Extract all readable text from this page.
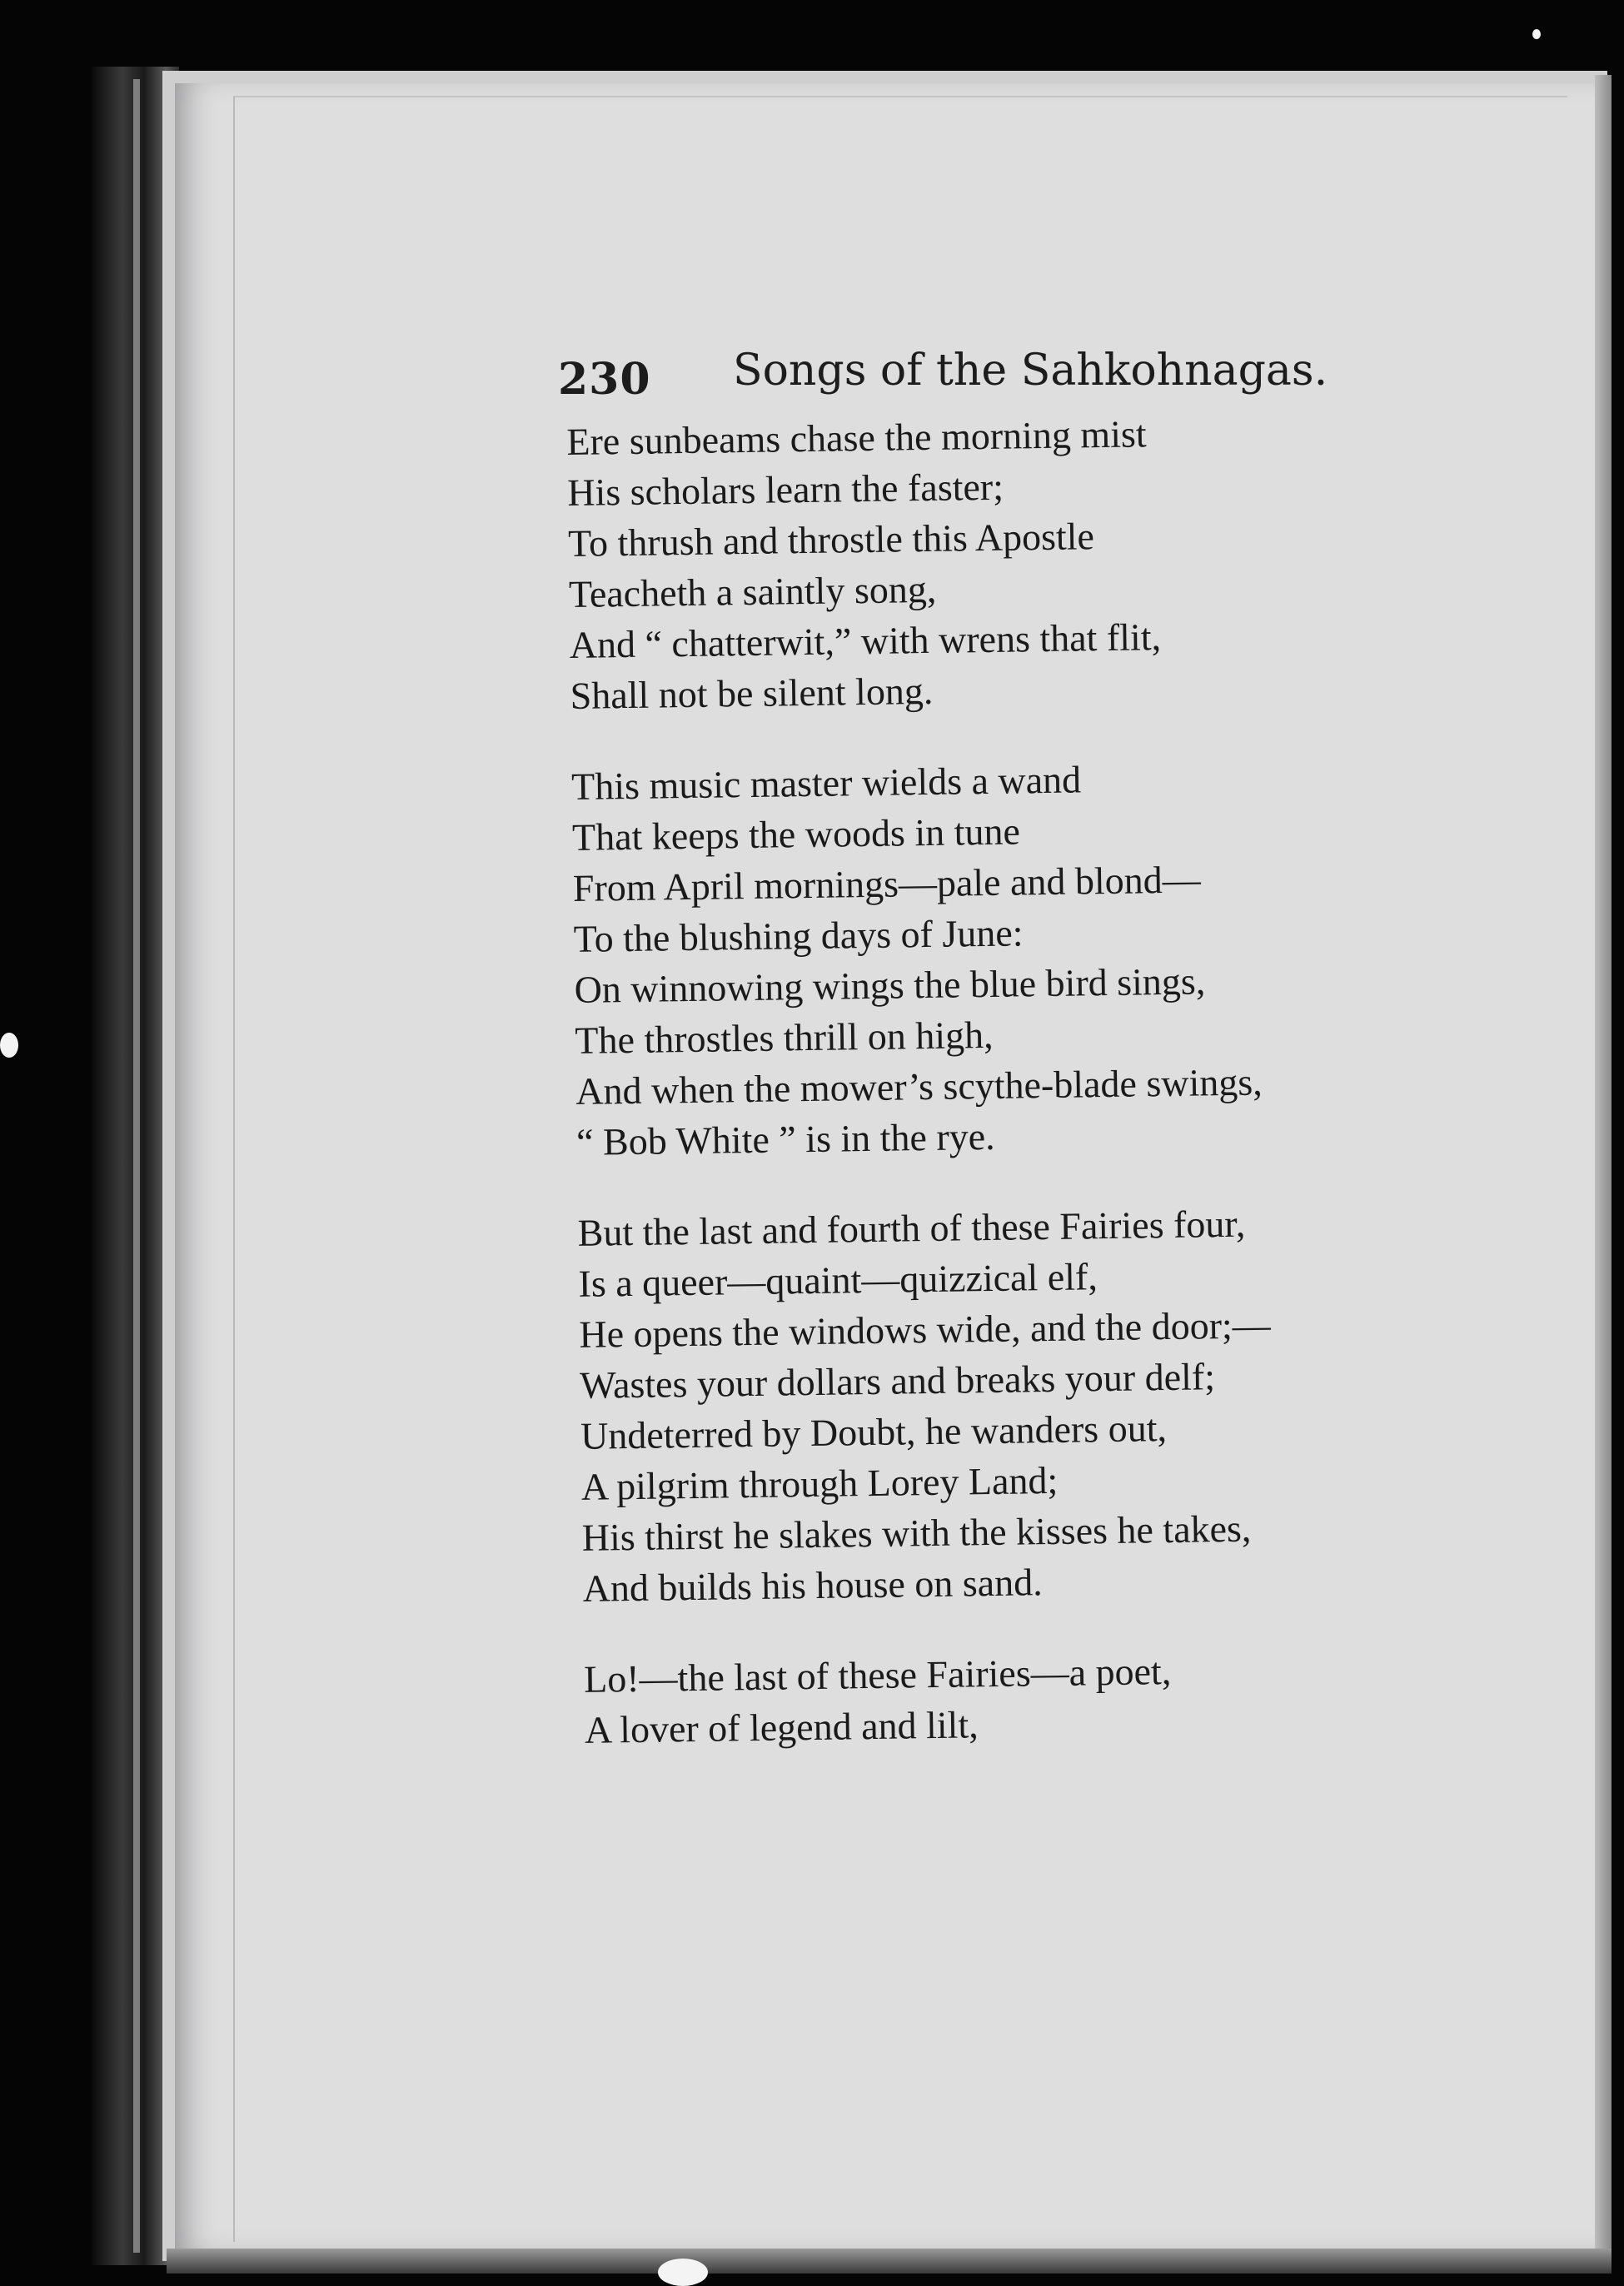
230 Songs of the Sahkohnagas.
Ere sunbeams chase the morning mist
His scholars learn the faster;
To thrush and throstle this Apostle
Teacheth a saintly song,
And “ chatterwit,” with wrens that flit,
Shall not be silent long.
This music master wields a wand
That keeps the woods in tune
From April mornings—pale and blond—
To the blushing days of June:
On winnowing wings the blue bird sings,
The throstles thrill on high,
And when the mower’s scythe-blade swings,
“ Bob White ” is in the rye.
But the last and fourth of these Fairies four,
Is a queer—quaint—quizzical elf,
He opens the windows wide, and the door;—
Wastes your dollars and breaks your delf;
Undeterred by Doubt, he wanders out,
A pilgrim through Lorey Land;
His thirst he slakes with the kisses he takes,
And builds his house on sand.
Lo!—the last of these Fairies—a poet,
A lover of legend and lilt,
